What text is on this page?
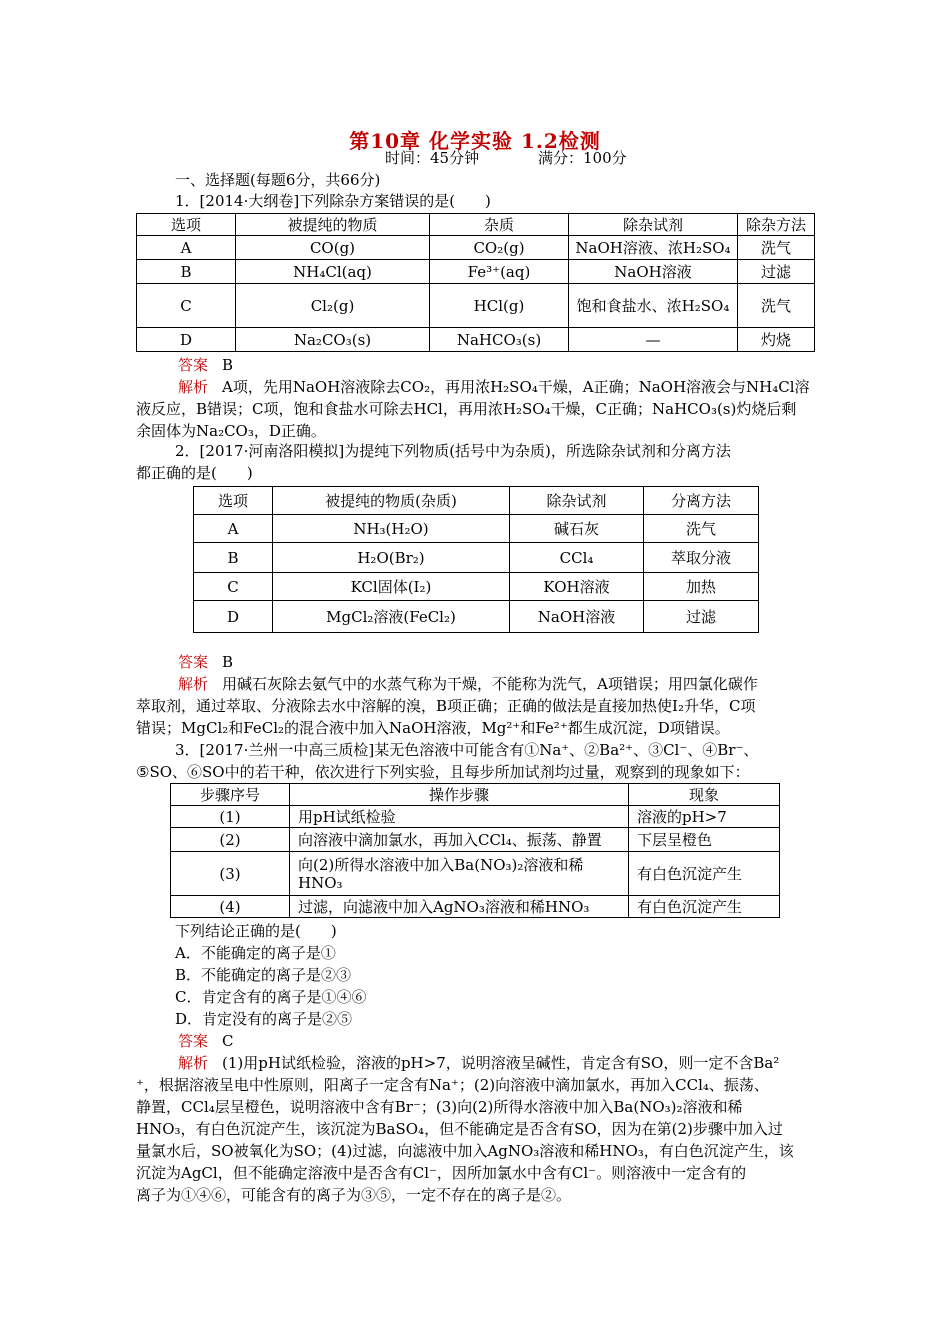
第10章 化学实验 1.2检测
时间：45分钟	满分：100分
一、选择题(每题6分，共66分)
1．[2014·大纲卷]下列除杂方案错误的是(　　)
选项	被提纯的物质	杂质	除杂试剂	除杂方法
A	CO(g)	CO₂(g)	NaOH溶液、浓H₂SO₄	洗气
B	NH₄Cl(aq)	Fe³⁺(aq)	NaOH溶液	过滤
C	Cl₂(g)	HCl(g)	饱和食盐水、浓H₂SO₄	洗气
D	Na₂CO₃(s)	NaHCO₃(s)	—	灼烧
答案 B
解析 A项，先用NaOH溶液除去CO₂，再用浓H₂SO₄干燥，A正确；NaOH溶液会与NH₄Cl溶
液反应，B错误；C项，饱和食盐水可除去HCl，再用浓H₂SO₄干燥，C正确；NaHCO₃(s)灼烧后剩
余固体为Na₂CO₃，D正确。
2．[2017·河南洛阳模拟]为提纯下列物质(括号中为杂质)，所选除杂试剂和分离方法
都正确的是(　　)
选项	被提纯的物质(杂质)	除杂试剂	分离方法
A	NH₃(H₂O)	碱石灰	洗气
B	H₂O(Br₂)	CCl₄	萃取分液
C	KCl固体(I₂)	KOH溶液	加热
D	MgCl₂溶液(FeCl₂)	NaOH溶液	过滤
答案 B
解析 用碱石灰除去氨气中的水蒸气称为干燥，不能称为洗气，A项错误；用四氯化碳作
萃取剂，通过萃取、分液除去水中溶解的溴，B项正确；正确的做法是直接加热使I₂升华，C项
错误；MgCl₂和FeCl₂的混合液中加入NaOH溶液，Mg²⁺和Fe²⁺都生成沉淀，D项错误。
3．[2017·兰州一中高三质检]某无色溶液中可能含有①Na⁺、②Ba²⁺、③Cl⁻、④Br⁻、
⑤SO、⑥SO中的若干种，依次进行下列实验，且每步所加试剂均过量，观察到的现象如下：
步骤序号	操作步骤	现象
(1)	用pH试纸检验	溶液的pH>7
(2)	向溶液中滴加氯水，再加入CCl₄、振荡、静置	下层呈橙色
(3)	向(2)所得水溶液中加入Ba(NO₃)₂溶液和稀HNO₃	有白色沉淀产生
(4)	过滤，向滤液中加入AgNO₃溶液和稀HNO₃	有白色沉淀产生
下列结论正确的是(　　)
A．不能确定的离子是①
B．不能确定的离子是②③
C．肯定含有的离子是①④⑥
D．肯定没有的离子是②⑤
答案 C
解析 (1)用pH试纸检验，溶液的pH>7，说明溶液呈碱性，肯定含有SO，则一定不含Ba²
⁺，根据溶液呈电中性原则，阳离子一定含有Na⁺；(2)向溶液中滴加氯水，再加入CCl₄、振荡、
静置，CCl₄层呈橙色，说明溶液中含有Br⁻；(3)向(2)所得水溶液中加入Ba(NO₃)₂溶液和稀
HNO₃，有白色沉淀产生，该沉淀为BaSO₄，但不能确定是否含有SO，因为在第(2)步骤中加入过
量氯水后，SO被氧化为SO；(4)过滤，向滤液中加入AgNO₃溶液和稀HNO₃，有白色沉淀产生，该
沉淀为AgCl，但不能确定溶液中是否含有Cl⁻，因所加氯水中含有Cl⁻。则溶液中一定含有的
离子为①④⑥，可能含有的离子为③⑤，一定不存在的离子是②。
